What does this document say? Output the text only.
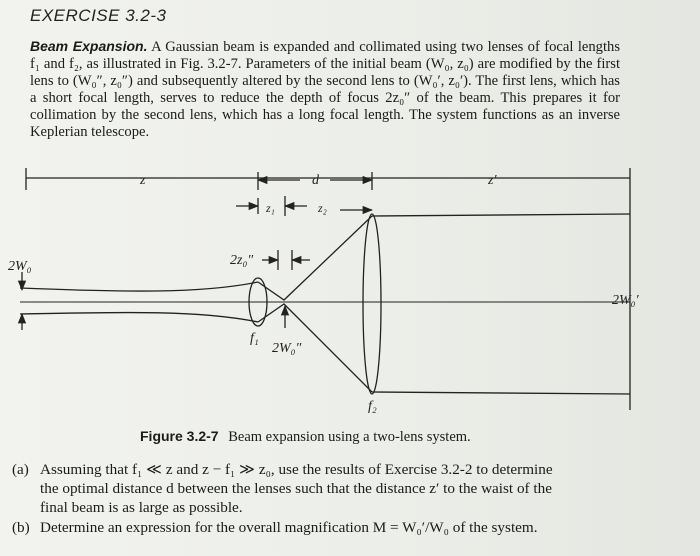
EXERCISE 3.2-3
Beam Expansion. A Gaussian beam is expanded and collimated using two lenses of focal lengths f₁ and f₂, as illustrated in Fig. 3.2-7. Parameters of the initial beam (W₀, z₀) are modified by the first lens to (W₀″, z₀″) and subsequently altered by the second lens to (W₀′, z₀′). The first lens, which has a short focal length, serves to reduce the depth of focus 2z₀″ of the beam. This prepares it for collimation by the second lens, which has a long focal length. The system functions as an inverse Keplerian telescope.
z	d	z′
z₁	z₂
2W₀	2z₀″
f₁
2W₀″
f₂
2W₀′
Figure 3.2-7 Beam expansion using a two-lens system.
(a) Assuming that f₁ ≪ z and z − f₁ ≫ z₀, use the results of Exercise 3.2-2 to determine
the optimal distance d between the lenses such that the distance z′ to the waist of the
final beam is as large as possible.
(b) Determine an expression for the overall magnification M = W₀′/W₀ of the system.
